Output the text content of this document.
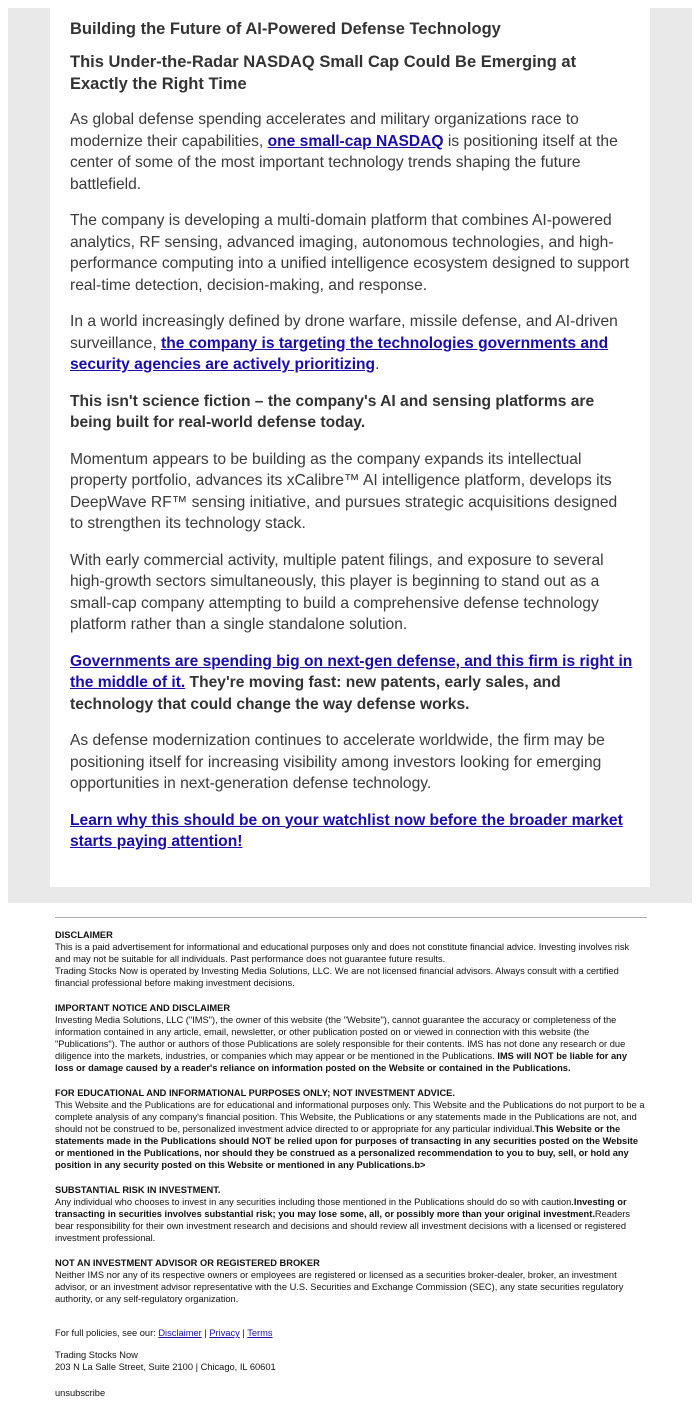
Building the Future of AI-Powered Defense Technology
This Under-the-Radar NASDAQ Small Cap Could Be Emerging at Exactly the Right Time

As global defense spending accelerates and military organizations race to modernize their capabilities, one small-cap NASDAQ is positioning itself at the center of some of the most important technology trends shaping the future battlefield.

The company is developing a multi-domain platform that combines AI-powered analytics, RF sensing, advanced imaging, autonomous technologies, and high-performance computing into a unified intelligence ecosystem designed to support real-time detection, decision-making, and response.

In a world increasingly defined by drone warfare, missile defense, and AI-driven surveillance, the company is targeting the technologies governments and security agencies are actively prioritizing.

This isn't science fiction – the company's AI and sensing platforms are being built for real-world defense today.

Momentum appears to be building as the company expands its intellectual property portfolio, advances its xCalibre™ AI intelligence platform, develops its DeepWave RF™ sensing initiative, and pursues strategic acquisitions designed to strengthen its technology stack.

With early commercial activity, multiple patent filings, and exposure to several high-growth sectors simultaneously, this player is beginning to stand out as a small-cap company attempting to build a comprehensive defense technology platform rather than a single standalone solution.

Governments are spending big on next-gen defense, and this firm is right in the middle of it. They're moving fast: new patents, early sales, and technology that could change the way defense works.

As defense modernization continues to accelerate worldwide, the firm may be positioning itself for increasing visibility among investors looking for emerging opportunities in next-generation defense technology.

Learn why this should be on your watchlist now before the broader market starts paying attention!

DISCLAIMER

This is a paid advertisement for informational and educational purposes only and does not constitute financial advice. Investing involves risk and may not be suitable for all individuals. Past performance does not guarantee future results.

Trading Stocks Now is operated by Investing Media Solutions, LLC. We are not licensed financial advisors. Always consult with a certified financial professional before making investment decisions.

IMPORTANT NOTICE AND DISCLAIMER

Investing Media Solutions, LLC ("IMS"), the owner of this website (the "Website"), cannot guarantee the accuracy or completeness of the information contained in any article, email, newsletter, or other publication posted on or viewed in connection with this website (the "Publications"). The author or authors of those Publications are solely responsible for their contents. IMS has not done any research or due diligence into the markets, industries, or companies which may appear or be mentioned in the Publications. IMS will NOT be liable for any loss or damage caused by a reader's reliance on information posted on the Website or contained in the Publications.

FOR EDUCATIONAL AND INFORMATIONAL PURPOSES ONLY; NOT INVESTMENT ADVICE.

This Website and the Publications are for educational and informational purposes only. This Website and the Publications do not purport to be a complete analysis of any company's financial position. This Website, the Publications or any statements made in the Publications are not, and should not be construed to be, personalized investment advice directed to or appropriate for any particular individual.This Website or the statements made in the Publications should NOT be relied upon for purposes of transacting in any securities posted on the Website or mentioned in the Publications, nor should they be construed as a personalized recommendation to you to buy, sell, or hold any position in any security posted on this Website or mentioned in any Publications.b>

SUBSTANTIAL RISK IN INVESTMENT.

Any individual who chooses to invest in any securities including those mentioned in the Publications should do so with caution.Investing or transacting in securities involves substantial risk; you may lose some, all, or possibly more than your original investment.Readers bear responsibility for their own investment research and decisions and should review all investment decisions with a licensed or registered investment professional.

NOT AN INVESTMENT ADVISOR OR REGISTERED BROKER

Neither IMS nor any of its respective owners or employees are registered or licensed as a securities broker-dealer, broker, an investment advisor, or an investment advisor representative with the U.S. Securities and Exchange Commission (SEC), any state securities regulatory authority, or any self-regulatory organization.

For full policies, see our: Disclaimer | Privacy | Terms

Trading Stocks Now

203 N La Salle Street, Suite 2100 | Chicago, IL 60601

unsubscribe
